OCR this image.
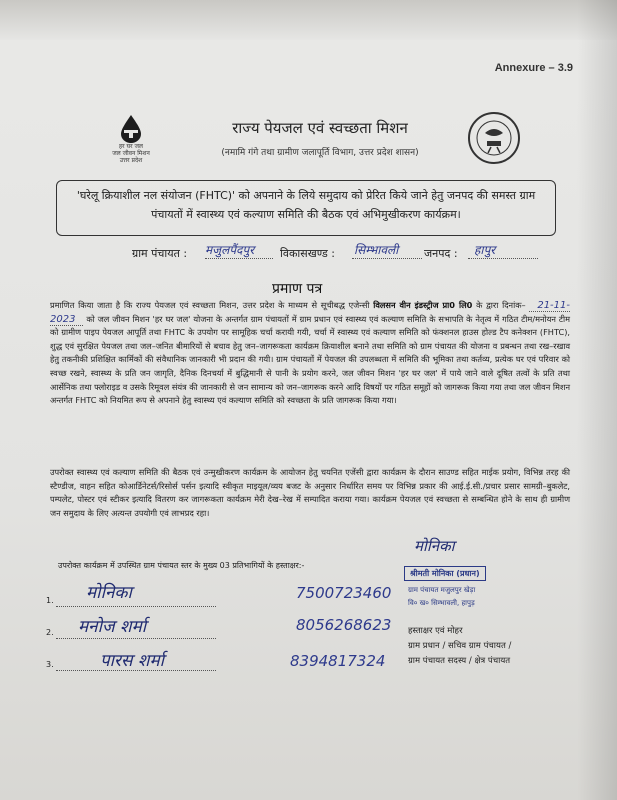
Annexure – 3.9
हर घर जल
जल जीवन मिशन
उत्तर प्रदेश
राज्य पेयजल एवं स्वच्छता मिशन
(नमामि गंगे तथा ग्रामीण जलापूर्ति विभाग, उत्तर प्रदेश शासन)
'घरेलू क्रियाशील नल संयोजन (FHTC)' को अपनाने के लिये समुदाय को प्रेरित किये जाने हेतु जनपद की समस्त ग्राम पंचायतों में स्वास्थ्य एवं कल्याण समिति की बैठक एवं अभिमुखीकरण कार्यक्रम।
ग्राम पंचायत : मजुलपैंदपुर विकासखण्ड : सिम्भावली जनपद : हापुर
प्रमाण पत्र
प्रमाणित किया जाता है कि राज्य पेयजल एवं स्वच्छता मिशन, उत्तर प्रदेश के माध्यम से सूचीबद्ध एजेन्सी विलसन वीन इंडस्ट्रीज प्रा0 लि0 के द्वारा दिनांक– 21-11-2023 को जल जीवन मिशन 'हर घर जल' योजना के अन्तर्गत ग्राम पंचायतों में ग्राम प्रधान एवं स्वास्थ्य एवं कल्याण समिति के सभापति के नेतृत्व में गठित टीम/मनोयन टीम को ग्रामीण पाइप पेयजल आपूर्ति तथा FHTC के उपयोग पर सामूहिक चर्चा करायी गयी, चर्चा में स्वास्थ्य एवं कल्याण समिति को फंक्शनल हाउस होल्ड टैप कनेक्शन (FHTC), शुद्ध एवं सुरक्षित पेयजल तथा जल–जनित बीमारियों से बचाव हेतु जन–जागरूकता कार्यक्रम क्रियाशील बनाने तथा समिति को ग्राम पंचायत की योजना व प्रबन्धन तथा रख–रखाव हेतु तकनीकी प्रशिक्षित कार्मिकों की संवैधानिक जानकारी भी प्रदान की गयी। ग्राम पंचायतों में पेयजल की उपलब्धता में समिति की भूमिका तथा कर्तव्य, प्रत्येक घर एवं परिवार को स्वच्छ रखने, स्वास्थ्य के प्रति जन जागृति, दैनिक दिनचर्या में बुद्धिमानी से पानी के प्रयोग करने, जल जीवन मिशन 'हर घर जल' में पाये जाने वाले दूषित तत्वों के प्रति तथा आर्सेनिक तथा फ्लोराइड व उसके रिमूवल संयंत्र की जानकारी से जन सामान्य को जन–जागरूक करने आदि विषयों पर गठित समूहों को जागरूक किया गया तथा जल जीवन मिशन अन्तर्गत FHTC को नियमित रूप से अपनाने हेतु स्वास्थ्य एवं कल्याण समिति को स्वच्छता के प्रति जागरूक किया गया।
उपरोक्त स्वास्थ्य एवं कल्याण समिति की बैठक एवं उन्मुखीकरण कार्यक्रम के आयोजन हेतु चयनित एजेंसी द्वारा कार्यक्रम के दौरान साउण्ड सहित माईक प्रयोग, विभिन्न तरह की स्टैण्डीज, वाहन सहित कोआर्डिनेटर्स/रिसोर्स पर्सन इत्यादि स्वीकृत माइयूल/व्यय बजट के अनुसार निर्धारित समय पर विभिन्न प्रकार की आई.ई.सी./प्रचार प्रसार सामग्री–बुकलेट, पम्पलेट, पोस्टर एवं स्टीकर इत्यादि वितरण कर जागरूकता कार्यक्रम मेरी देख–रेख में सम्पादित कराया गया। कार्यक्रम पेयजल एवं स्वच्छता से सम्बन्धित होने के साथ ही ग्रामीण जन समुदाय के लिए अत्यन्त उपयोगी एवं लाभप्रद रहा।
उपरोक्त कार्यक्रम में उपस्थित ग्राम पंचायत स्तर के मुख्य 03 प्रतिभागियों के हस्ताक्षर:-
1. मोनिका
2. मनोज शर्मा
3.	पारस शर्मा
मोनिका
श्रीमती मोनिका (प्रधान)
ग्राम पंचायत मजुलपुर खेड़ा
वि० ख० सिम्भावली, हापुड़
7500723460
8056268623
8394817324
हस्ताक्षर एवं मोहर
ग्राम प्रधान / सचिव ग्राम पंचायत /
ग्राम पंचायत सदस्य / क्षेत्र पंचायत
